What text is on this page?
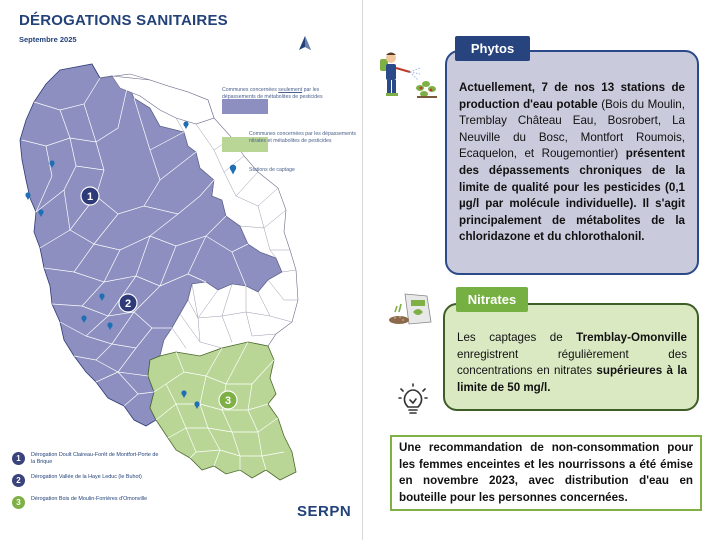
DÉROGATIONS SANITAIRES
Septembre 2025
1
2
3
Communes concernées seulement par les dépassements de métabolites de pesticides
Communes concernées par les dépassements nitrates et métabolites de pesticides
Stations de captage
1	Dérogation Doult Claireau-Forêt de Montfort-Porte de la Brique
2	Dérogation Vallée de la Haye Leduc (le Buhot)
3	Dérogation Bois de Moulin-Forrières d'Omonville
SERPN
Actuellement, 7 de nos 13 stations de production d'eau potable (Bois du Moulin, Tremblay Château Eau, Bosrobert, La Neuville du Bosc, Montfort Roumois, Ecaquelon, et Rougemontier) présentent des dépassements chroniques de la limite de qualité pour les pesticides (0,1 µg/l par molécule individuelle). Il s'agit principalement de métabolites de la chloridazone et du chlorothalonil.
Phytos
Les captages de Tremblay-Omonville enregistrent régulièrement des concentrations en nitrates supérieures à la limite de 50 mg/l.
Nitrates
Une recommandation de non-consommation pour les femmes enceintes et les nourrissons a été émise en novembre 2023, avec distribution d'eau en bouteille pour les personnes concernées.
